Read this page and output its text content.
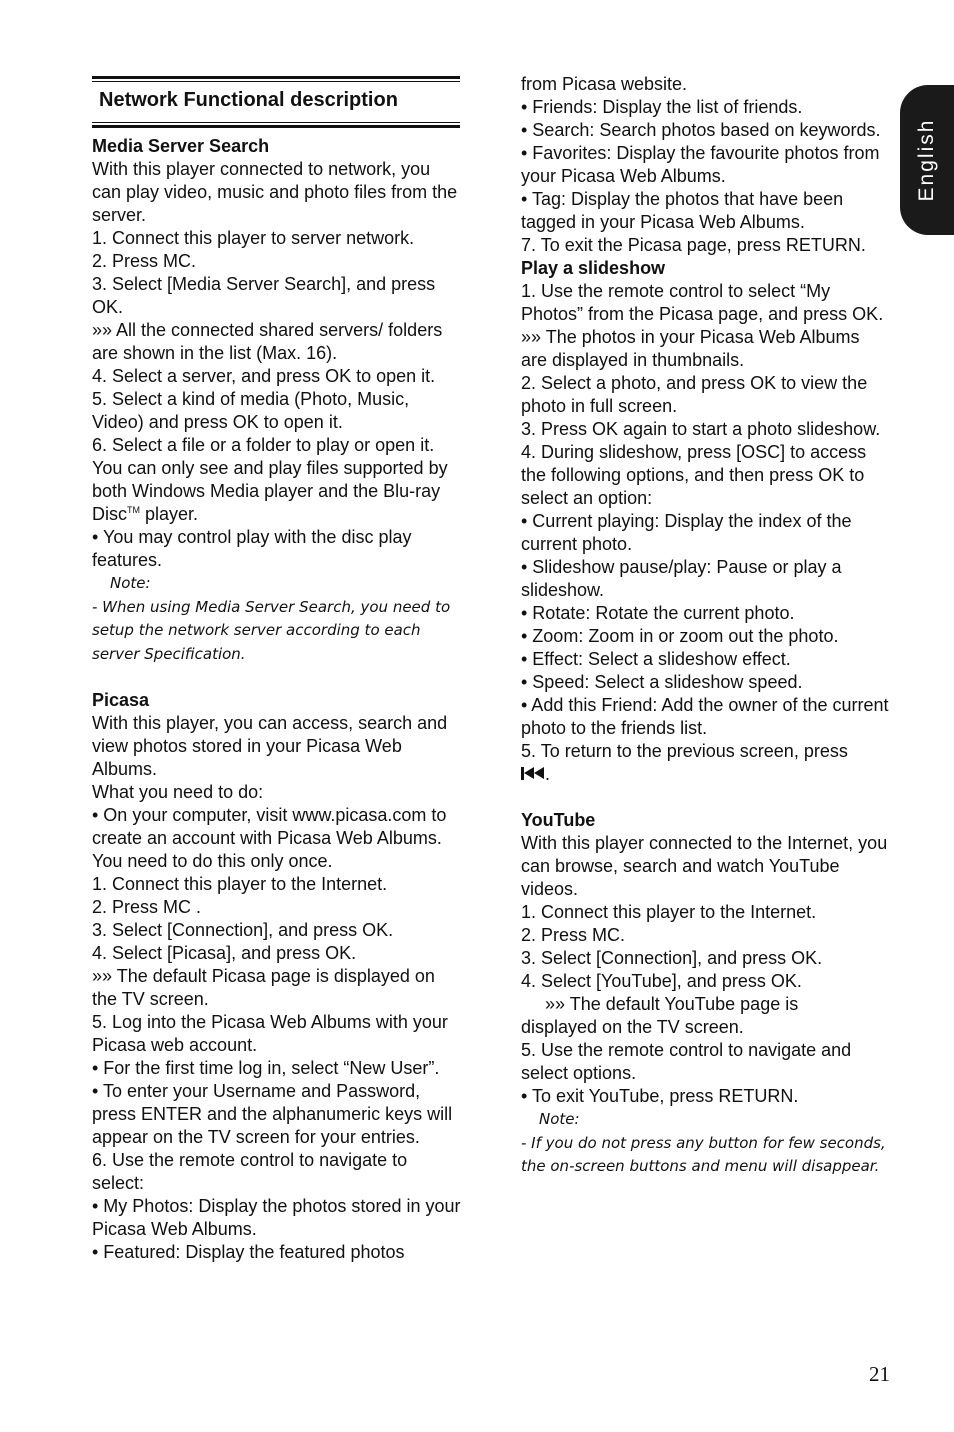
Network Functional description

Media Server Search

With this player connected to network, you can play video, music and photo files from the server.

1. Connect this player to server network.

2. Press MC.

3. Select [Media Server Search], and press OK.

»» All the connected shared servers/ folders are shown in the list (Max. 16).

4. Select a server, and press OK to open it.

5. Select a kind of media (Photo, Music, Video) and press OK to open it.

6. Select a file or a folder to play or open it. You can only see and play files supported by both Windows Media player and the Blu-ray Disc™ player.

• You may control play with the disc play features.

Note:

- When using Media Server Search, you need to setup the network server according to each server Specification.

Picasa

With this player, you can access, search and view photos stored in your Picasa Web Albums.

What you need to do:

• On your computer, visit www.picasa.com to create an account with Picasa Web Albums. You need to do this only once.

1. Connect this player to the Internet.

2. Press MC .

3. Select [Connection], and press OK.

4. Select [Picasa], and press OK.

»» The default Picasa page is displayed on the TV screen.

5. Log into the Picasa Web Albums with your Picasa web account.

• For the first time log in, select “New User”.

• To enter your Username and Password, press ENTER and the alphanumeric keys will appear on the TV screen for your entries.

6. Use the remote control to navigate to select:

• My Photos: Display the photos stored in your Picasa Web Albums.

• Featured: Display the featured photos

from Picasa website.

• Friends: Display the list of friends.

• Search: Search photos based on keywords.

• Favorites: Display the favourite photos from your Picasa Web Albums.

• Tag: Display the photos that have been tagged in your Picasa Web Albums.

7. To exit the Picasa page, press RETURN.

Play a slideshow

1. Use the remote control to select “My Photos” from the Picasa page, and press OK.

»» The photos in your Picasa Web Albums are displayed in thumbnails.

2. Select a photo, and press OK to view the photo in full screen.

3. Press OK again to start a photo slideshow.

4. During slideshow, press [OSC] to access the following options, and then press OK to select an option:

• Current playing: Display the index of the current photo.

• Slideshow pause/play: Pause or play a slideshow.

• Rotate: Rotate the current photo.

• Zoom: Zoom in or zoom out the photo.

• Effect: Select a slideshow effect.

• Speed: Select a slideshow speed.

• Add this Friend: Add the owner of the current photo to the friends list.

5. To return to the previous screen, press

.

YouTube

With this player connected to the Internet, you can browse, search and watch YouTube videos.

1. Connect this player to the Internet.

2. Press MC.

3. Select [Connection], and press OK.

4. Select [YouTube], and press OK.

»» The default YouTube page is

displayed on the TV screen.

5. Use the remote control to navigate and select options.

• To exit YouTube, press RETURN.

Note:

- If you do not press any button for few seconds, the on-screen buttons and menu will disappear.

English
21
